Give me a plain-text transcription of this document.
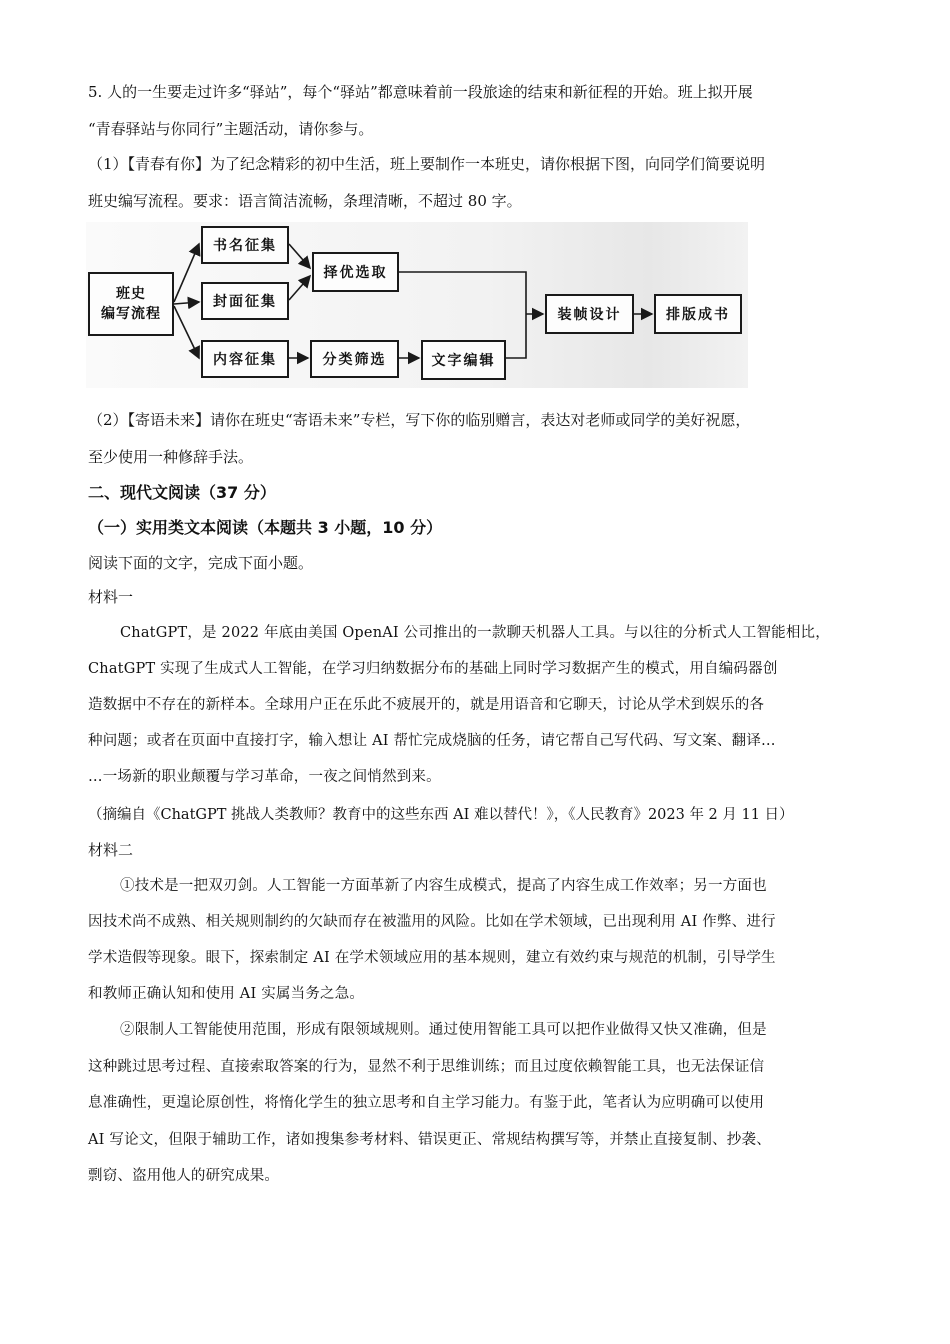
5. 人的一生要走过许多“驿站”，每个“驿站”都意味着前一段旅途的结束和新征程的开始。班上拟开展
“青春驿站与你同行”主题活动，请你参与。
（1）【青春有你】为了纪念精彩的初中生活，班上要制作一本班史，请你根据下图，向同学们简要说明
班史编写流程。要求：语言简洁流畅，条理清晰，不超过 80 字。
班史
编写流程
书名征集
封面征集
内容征集
择优选取
分类筛选	文字编辑
装帧设计	排版成书
（2）【寄语未来】请你在班史“寄语未来”专栏，写下你的临别赠言，表达对老师或同学的美好祝愿，
至少使用一种修辞手法。
二、现代文阅读（37 分）
（一）实用类文本阅读（本题共 3 小题，10 分）
阅读下面的文字，完成下面小题。
材料一
ChatGPT，是 2022 年底由美国 OpenAI 公司推出的一款聊天机器人工具。与以往的分析式人工智能相比，
ChatGPT 实现了生成式人工智能，在学习归纳数据分布的基础上同时学习数据产生的模式，用自编码器创
造数据中不存在的新样本。全球用户正在乐此不疲展开的，就是用语音和它聊天，讨论从学术到娱乐的各
种问题；或者在页面中直接打字，输入想让 AI 帮忙完成烧脑的任务，请它帮自己写代码、写文案、翻译…
…一场新的职业颠覆与学习革命，一夜之间悄然到来。
（摘编自《ChatGPT 挑战人类教师？教育中的这些东西 AI 难以替代！》，《人民教育》2023 年 2 月 11 日）
材料二
①技术是一把双刃剑。人工智能一方面革新了内容生成模式，提高了内容生成工作效率；另一方面也
因技术尚不成熟、相关规则制约的欠缺而存在被滥用的风险。比如在学术领域，已出现利用 AI 作弊、进行
学术造假等现象。眼下，探索制定 AI 在学术领域应用的基本规则，建立有效约束与规范的机制，引导学生
和教师正确认知和使用 AI 实属当务之急。
②限制人工智能使用范围，形成有限领域规则。通过使用智能工具可以把作业做得又快又准确，但是
这种跳过思考过程、直接索取答案的行为，显然不利于思维训练；而且过度依赖智能工具，也无法保证信
息准确性，更遑论原创性，将惰化学生的独立思考和自主学习能力。有鉴于此，笔者认为应明确可以使用
AI 写论文，但限于辅助工作，诸如搜集参考材料、错误更正、常规结构撰写等，并禁止直接复制、抄袭、
剽窃、盗用他人的研究成果。
